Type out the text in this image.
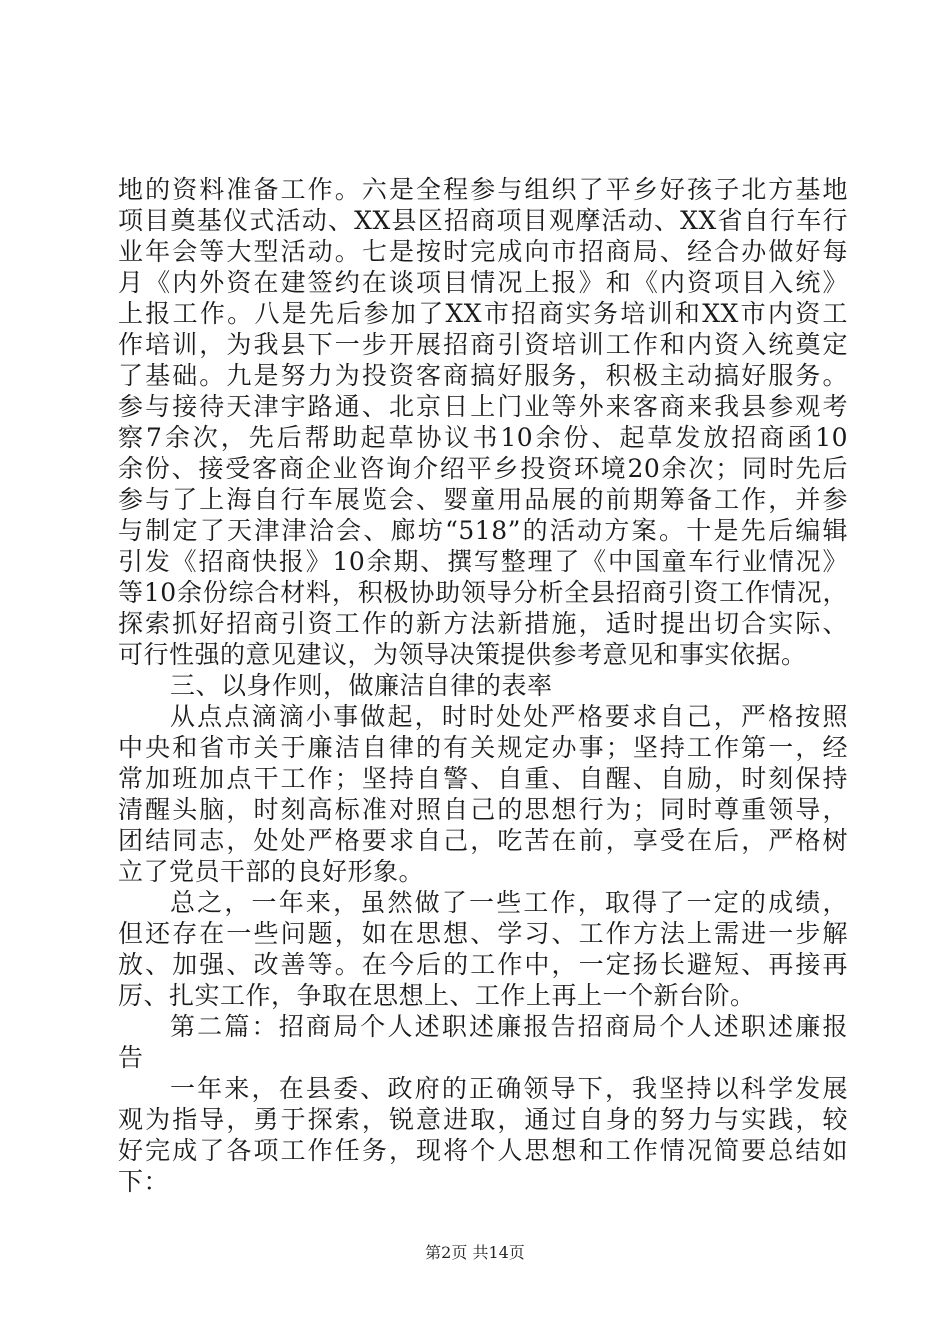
地的资料准备工作。六是全程参与组织了平乡好孩子北方基地
项目奠基仪式活动、XX县区招商项目观摩活动、XX省自行车行
业年会等大型活动。七是按时完成向市招商局、经合办做好每
月《内外资在建签约在谈项目情况上报》和《内资项目入统》
上报工作。八是先后参加了XX市招商实务培训和XX市内资工
作培训，为我县下一步开展招商引资培训工作和内资入统奠定
了基础。九是努力为投资客商搞好服务，积极主动搞好服务。
参与接待天津宇路通、北京日上门业等外来客商来我县参观考
察7余次，先后帮助起草协议书10余份、起草发放招商函10
余份、接受客商企业咨询介绍平乡投资环境20余次；同时先后
参与了上海自行车展览会、婴童用品展的前期筹备工作，并参
与制定了天津津洽会、廊坊“518”的活动方案。十是先后编辑
引发《招商快报》10余期、撰写整理了《中国童车行业情况》
等10余份综合材料，积极协助领导分析全县招商引资工作情况，
探索抓好招商引资工作的新方法新措施，适时提出切合实际、
可行性强的意见建议，为领导决策提供参考意见和事实依据。
三、以身作则，做廉洁自律的表率
从点点滴滴小事做起，时时处处严格要求自己，严格按照
中央和省市关于廉洁自律的有关规定办事；坚持工作第一，经
常加班加点干工作；坚持自警、自重、自醒、自励，时刻保持
清醒头脑，时刻高标准对照自己的思想行为；同时尊重领导，
团结同志，处处严格要求自己，吃苦在前，享受在后，严格树
立了党员干部的良好形象。
总之，一年来，虽然做了一些工作，取得了一定的成绩，
但还存在一些问题，如在思想、学习、工作方法上需进一步解
放、加强、改善等。在今后的工作中，一定扬长避短、再接再
厉、扎实工作，争取在思想上、工作上再上一个新台阶。
第二篇：招商局个人述职述廉报告招商局个人述职述廉报
告
一年来，在县委、政府的正确领导下，我坚持以科学发展
观为指导，勇于探索，锐意进取，通过自身的努力与实践，较
好完成了各项工作任务，现将个人思想和工作情况简要总结如
下：
第2页 共14页
